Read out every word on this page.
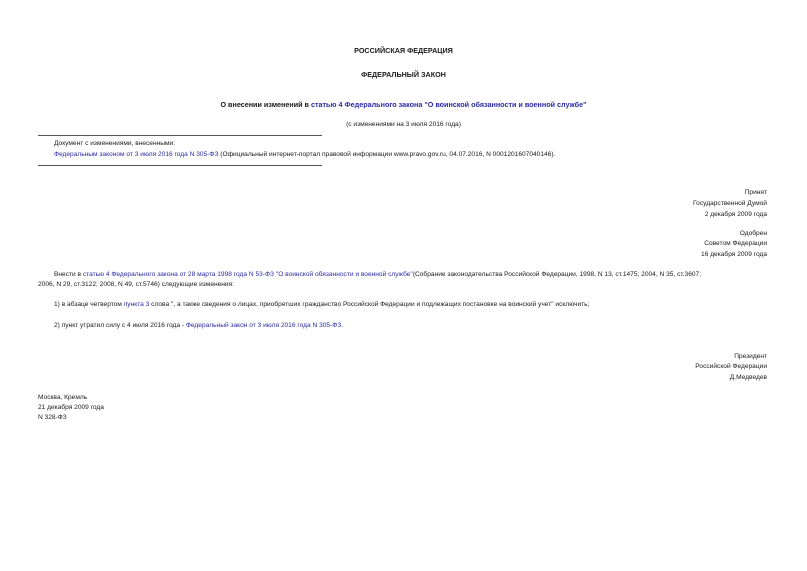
РОССИЙСКАЯ ФЕДЕРАЦИЯ
ФЕДЕРАЛЬНЫЙ ЗАКОН
О внесении изменений в статью 4 Федерального закона "О воинской обязанности и военной службе"
(с изменениями на 3 июля 2016 года)
Документ с изменениями, внесенными:
Федеральным законом от 3 июля 2016 года N 305-ФЗ (Официальный интернет-портал правовой информации www.pravo.gov.ru, 04.07.2016, N 0001201607040146).
Принят
Государственной Думой
2 декабря 2009 года
Одобрен
Советом Федерации
16 декабря 2009 года
Внести в статью 4 Федерального закона от 28 марта 1998 года N 53-ФЗ "О воинской обязанности и военной службе"(Собрание законодательства Российской Федерации, 1998, N 13, ст.1475; 2004, N 35, ст.3607;
2006, N 29, ст.3122; 2008, N 49, ст.5746) следующие изменения:
1) в абзаце четвертом пункта 3 слова ", а также сведения о лицах, приобретших гражданство Российской Федерации и подлежащих постановке на воинский учет" исключить;
2) пункт утратил силу с 4 июля 2016 года - Федеральный закон от 3 июля 2016 года N 305-ФЗ.
Президент
Российской Федерации
Д.Медведев
Москва, Кремль
21 декабря 2009 года
N 328-ФЗ
